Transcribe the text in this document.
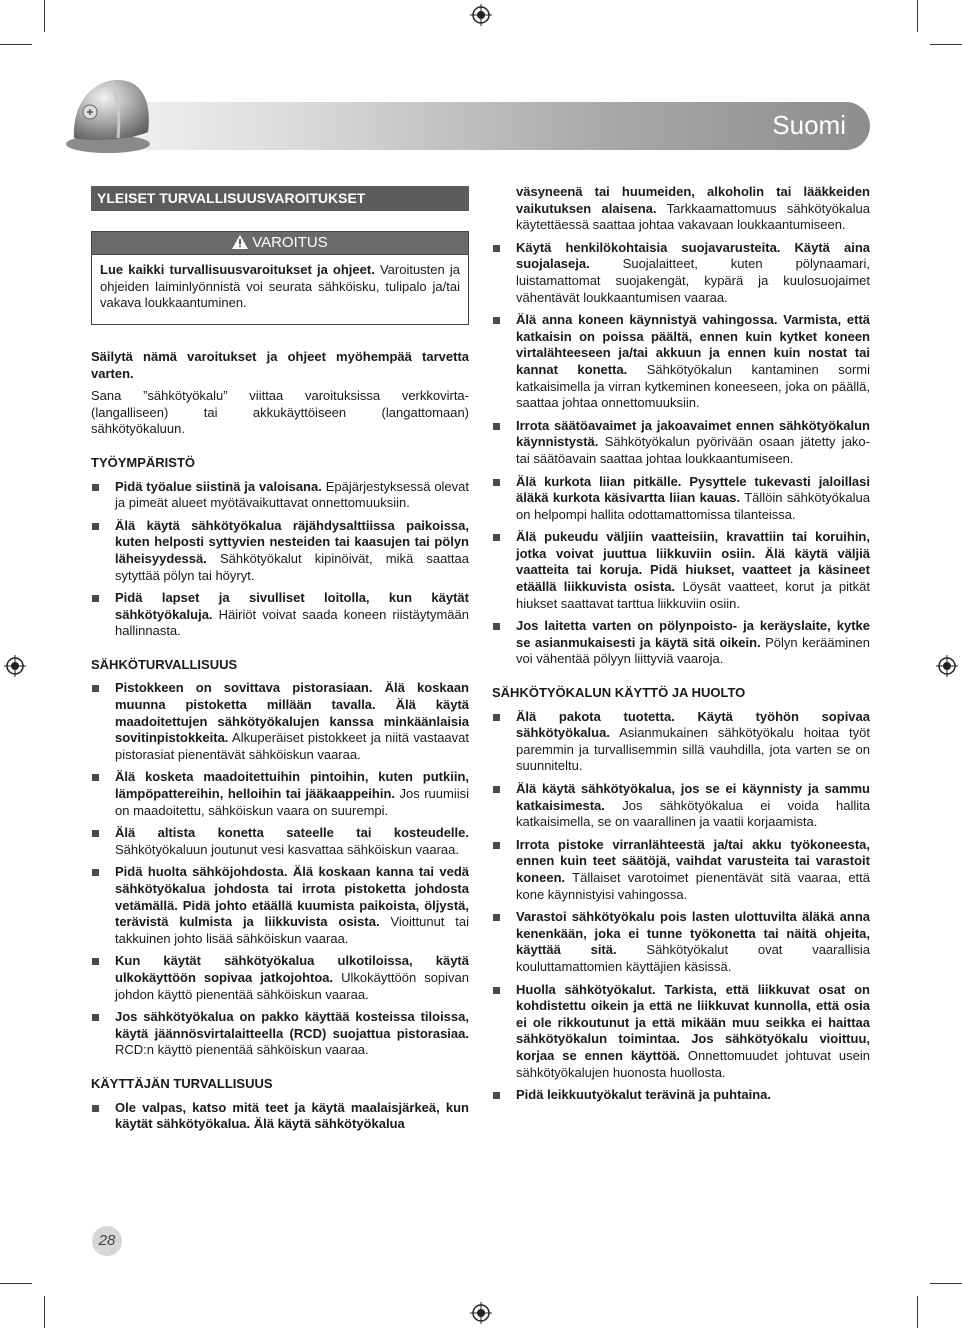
Suomi
YLEISET TURVALLISUUSVAROITUKSET
VAROITUS
Lue kaikki turvallisuusvaroitukset ja ohjeet. Varoitusten ja ohjeiden laiminlyönnistä voi seurata sähköisku, tulipalo ja/tai vakava loukkaantuminen.

Säilytä nämä varoitukset ja ohjeet myöhempää tarvetta varten.

Sana ”sähkötyökalu” viittaa varoituksissa verkkovirta-(langalliseen) tai akkukäyttöiseen (langattomaan) sähkötyökaluun.

TYÖYMPÄRISTÖ
Pidä työalue siistinä ja valoisana. Epäjärjestyksessä olevat ja pimeät alueet myötävaikuttavat onnettomuuksiin.
Älä käytä sähkötyökalua räjähdysalttiissa paikoissa, kuten helposti syttyvien nesteiden tai kaasujen tai pölyn läheisyydessä. Sähkötyökalut kipinöivät, mikä saattaa sytyttää pölyn tai höyryt.
Pidä lapset ja sivulliset loitolla, kun käytät sähkötyökaluja. Häiriöt voivat saada koneen riistäytymään hallinnasta.
SÄHKÖTURVALLISUUS
Pistokkeen on sovittava pistorasiaan. Älä koskaan muunna pistoketta millään tavalla. Älä käytä maadoitettujen sähkötyökalujen kanssa minkäänlaisia sovitinpistokkeita. Alkuperäiset pistokkeet ja niitä vastaavat pistorasiat pienentävät sähköiskun vaaraa.
Älä kosketa maadoitettuihin pintoihin, kuten putkiin, lämpöpattereihin, helloihin tai jääkaappeihin. Jos ruumiisi on maadoitettu, sähköiskun vaara on suurempi.
Älä altista konetta sateelle tai kosteudelle. Sähkötyökaluun joutunut vesi kasvattaa sähköiskun vaaraa.
Pidä huolta sähköjohdosta. Älä koskaan kanna tai vedä sähkötyökalua johdosta tai irrota pistoketta johdosta vetämällä. Pidä johto etäällä kuumista paikoista, öljystä, terävistä kulmista ja liikkuvista osista. Vioittunut tai takkuinen johto lisää sähköiskun vaaraa.
Kun käytät sähkötyökalua ulkotiloissa, käytä ulkokäyttöön sopivaa jatkojohtoa. Ulkokäyttöön sopivan johdon käyttö pienentää sähköiskun vaaraa.
Jos sähkötyökalua on pakko käyttää kosteissa tiloissa, käytä jäännösvirtalaitteella (RCD) suojattua pistorasiaa. RCD:n käyttö pienentää sähköiskun vaaraa.
KÄYTTÄJÄN TURVALLISUUS
Ole valpas, katso mitä teet ja käytä maalaisjärkeä, kun käytät sähkötyökalua. Älä käytä sähkötyökalua
väsyneenä tai huumeiden, alkoholin tai lääkkeiden vaikutuksen alaisena. Tarkkaamattomuus sähkötyökalua käytettäessä saattaa johtaa vakavaan loukkaantumiseen.
Käytä henkilökohtaisia suojavarusteita. Käytä aina suojalaseja. Suojalaitteet, kuten pölynaamari, luistamattomat suojakengät, kypärä ja kuulosuojaimet vähentävät loukkaantumisen vaaraa.
Älä anna koneen käynnistyä vahingossa. Varmista, että katkaisin on poissa päältä, ennen kuin kytket koneen virtalähteeseen ja/tai akkuun ja ennen kuin nostat tai kannat konetta. Sähkötyökalun kantaminen sormi katkaisimella ja virran kytkeminen koneeseen, joka on päällä, saattaa johtaa onnettomuuksiin.
Irrota säätöavaimet ja jakoavaimet ennen sähkötyökalun käynnistystä. Sähkötyökalun pyörivään osaan jätetty jako- tai säätöavain saattaa johtaa loukkaantumiseen.
Älä kurkota liian pitkälle. Pysyttele tukevasti jaloillasi äläkä kurkota käsivartta liian kauas. Tällöin sähkötyökalua on helpompi hallita odottamattomissa tilanteissa.
Älä pukeudu väljiin vaatteisiin, kravattiin tai koruihin, jotka voivat juuttua liikkuviin osiin. Älä käytä väljiä vaatteita tai koruja. Pidä hiukset, vaatteet ja käsineet etäällä liikkuvista osista. Löysät vaatteet, korut ja pitkät hiukset saattavat tarttua liikkuviin osiin.
Jos laitetta varten on pölynpoisto- ja keräyslaite, kytke se asianmukaisesti ja käytä sitä oikein. Pölyn kerääminen voi vähentää pölyyn liittyviä vaaroja.
SÄHKÖTYÖKALUN KÄYTTÖ JA HUOLTO
Älä pakota tuotetta. Käytä työhön sopivaa sähkötyökalua. Asianmukainen sähkötyökalu hoitaa työt paremmin ja turvallisemmin sillä vauhdilla, jota varten se on suunniteltu.
Älä käytä sähkötyökalua, jos se ei käynnisty ja sammu katkaisimesta. Jos sähkötyökalua ei voida hallita katkaisimella, se on vaarallinen ja vaatii korjaamista.
Irrota pistoke virranlähteestä ja/tai akku työkoneesta, ennen kuin teet säätöjä, vaihdat varusteita tai varastoit koneen. Tällaiset varotoimet pienentävät sitä vaaraa, että kone käynnistyisi vahingossa.
Varastoi sähkötyökalu pois lasten ulottuvilta äläkä anna kenenkään, joka ei tunne työkonetta tai näitä ohjeita, käyttää sitä. Sähkötyökalut ovat vaarallisia kouluttamattomien käyttäjien käsissä.
Huolla sähkötyökalut. Tarkista, että liikkuvat osat on kohdistettu oikein ja että ne liikkuvat kunnolla, että osia ei ole rikkoutunut ja että mikään muu seikka ei haittaa sähkötyökalun toimintaa. Jos sähkötyökalu vioittuu, korjaa se ennen käyttöä. Onnettomuudet johtuvat usein sähkötyökalujen huonosta huollosta.
Pidä leikkuutyökalut terävinä ja puhtaina.
28
